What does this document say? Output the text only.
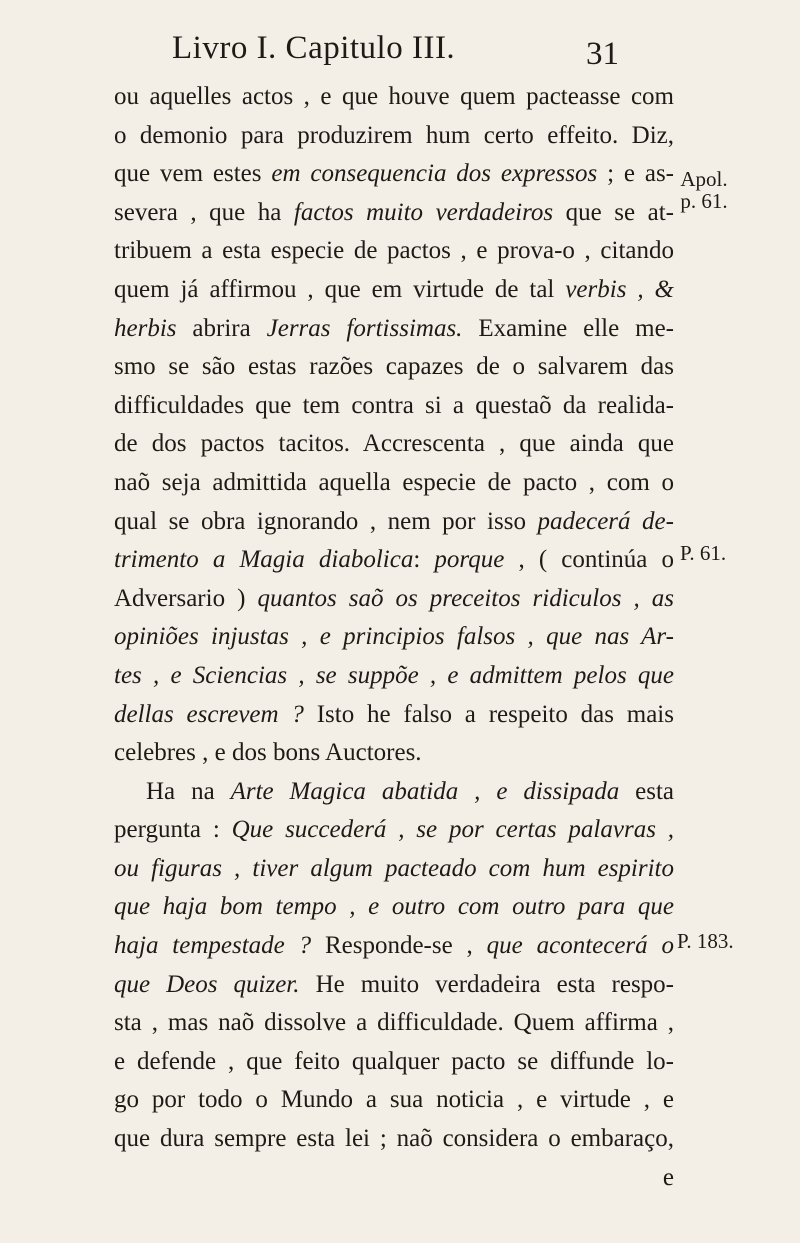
Livro I. Capitulo III.	31
Apol. p. 61.
P. 61.
P. 183.
ou aquelles actos , e que houve quem pacteasse com
o demonio para produzirem hum certo effeito. Diz,
que vem estes em consequencia dos expressos ; e as-
severa , que ha factos muito verdadeiros que se at-
tribuem a esta especie de pactos , e prova-o , citando
quem já affirmou , que em virtude de tal verbis , &
herbis abrira Jerras fortissimas. Examine elle me-
smo se são estas razões capazes de o salvarem das
difficuldades que tem contra si a questaõ da realida-
de dos pactos tacitos. Accrescenta , que ainda que
naõ seja admittida aquella especie de pacto , com o
qual se obra ignorando , nem por isso padecerá de-
trimento a Magia diabolica: porque , ( continúa o
Adversario ) quantos saõ os preceitos ridiculos , as
opiniões injustas , e principios falsos , que nas Ar-
tes , e Sciencias , se suppõe , e admittem pelos que
dellas escrevem ? Isto he falso a respeito das mais
celebres , e dos bons Auctores.
Ha na Arte Magica abatida , e dissipada esta
pergunta : Que succederá , se por certas palavras ,
ou figuras , tiver algum pacteado com hum espirito
que haja bom tempo , e outro com outro para que
haja tempestade ? Responde-se , que acontecerá o
que Deos quizer. He muito verdadeira esta respo-
sta , mas naõ dissolve a difficuldade. Quem affirma ,
e defende , que feito qualquer pacto se diffunde lo-
go por todo o Mundo a sua noticia , e virtude , e
que dura sempre esta lei ; naõ considera o embaraço,
e
